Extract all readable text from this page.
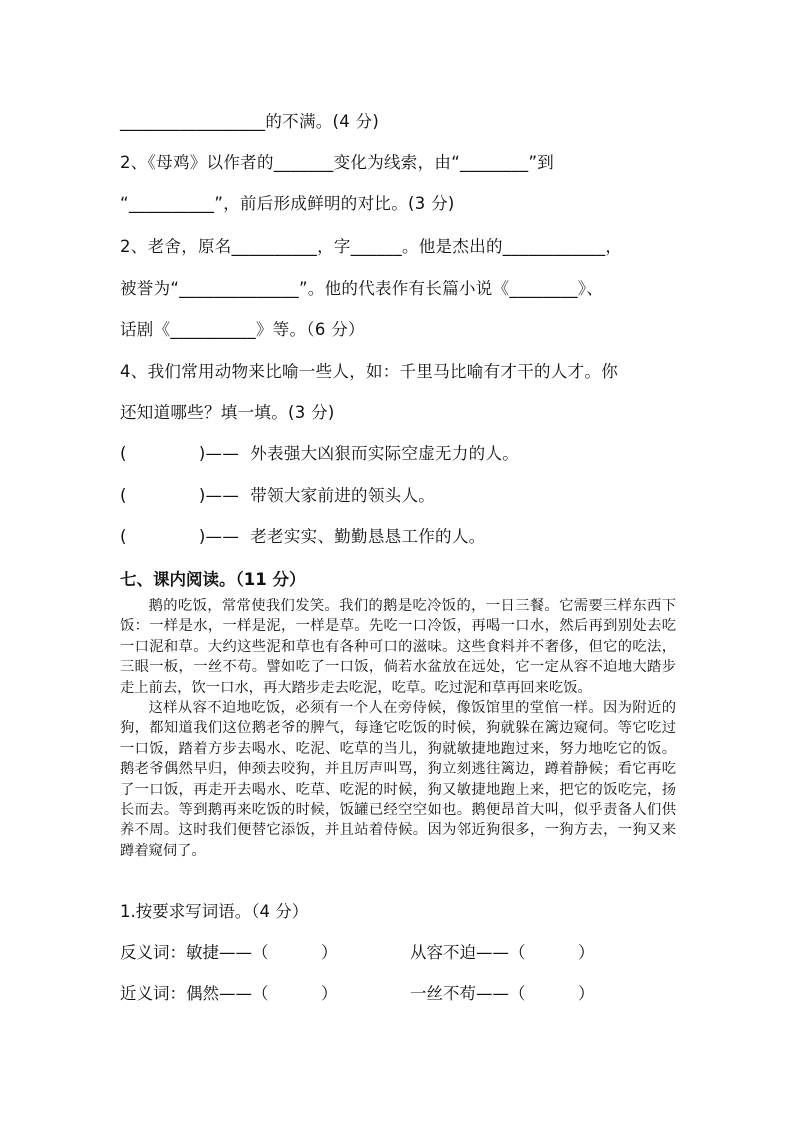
_________________的不满。(4 分)
2、《母鸡》以作者的_______变化为线索，由“________”到
“__________”，前后形成鲜明的对比。(3 分)
2、老舍，原名__________，字______。他是杰出的____________，
被誉为“______________”。他的代表作有长篇小说《________》、
话剧《__________》等。（6 分）
4、我们常用动物来比喻一些人，如：千里马比喻有才干的人才。你
还知道哪些？填一填。(3 分)
(             )——  外表强大凶狠而实际空虚无力的人。
(             )——  带领大家前进的领头人。
(             )——  老老实实、勤勤恳恳工作的人。
七、课内阅读。（11 分）

鹅的吃饭，常常使我们发笑。我们的鹅是吃冷饭的，一日三餐。它需要三样东西下饭：一样是水，一样是泥，一样是草。先吃一口冷饭，再喝一口水，然后再到别处去吃一口泥和草。大约这些泥和草也有各种可口的滋味。这些食料并不奢侈，但它的吃法，三眼一板，一丝不苟。譬如吃了一口饭，倘若水盆放在远处，它一定从容不迫地大踏步走上前去，饮一口水，再大踏步走去吃泥，吃草。吃过泥和草再回来吃饭。

这样从容不迫地吃饭，必须有一个人在旁侍候，像饭馆里的堂倌一样。因为附近的狗，都知道我们这位鹅老爷的脾气，每逢它吃饭的时候，狗就躲在篱边窥伺。等它吃过一口饭，踏着方步去喝水、吃泥、吃草的当儿，狗就敏捷地跑过来，努力地吃它的饭。鹅老爷偶然早归，伸颈去咬狗，并且厉声叫骂，狗立刻逃往篱边，蹲着静候；看它再吃了一口饭，再走开去喝水、吃草、吃泥的时候，狗又敏捷地跑上来，把它的饭吃完，扬长而去。等到鹅再来吃饭的时候，饭罐已经空空如也。鹅便昂首大叫，似乎责备人们供养不周。这时我们便替它添饭，并且站着侍候。因为邻近狗很多，一狗方去，一狗又来蹲着窥伺了。

1.按要求写词语。（4 分）
反义词：敏捷——（          ）	从容不迫——（          ）
近义词：偶然——（          ）	一丝不苟——（          ）
